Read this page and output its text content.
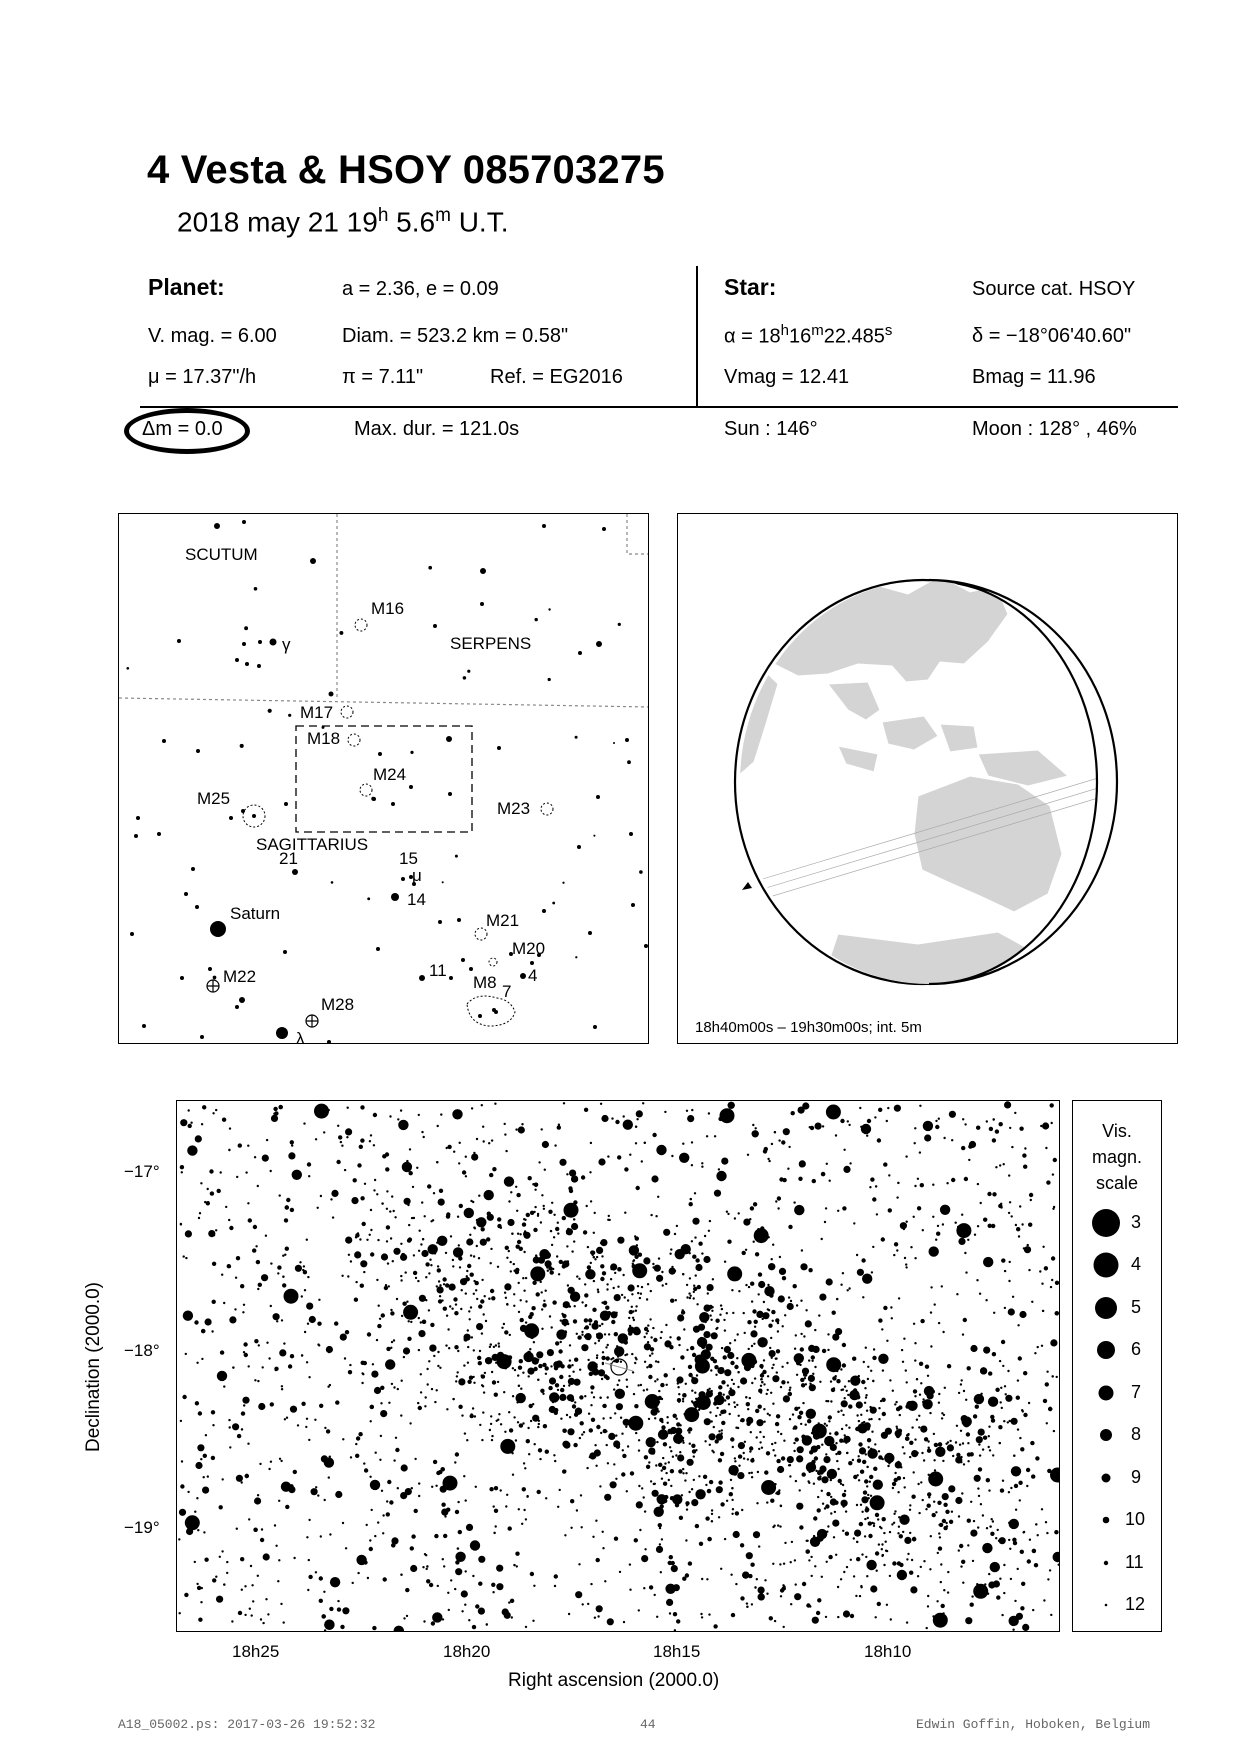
4 Vesta & HSOY 085703275
2018 may 21 19$^h$ 5.6$^m$ U.T.
Planet:	a = 2.36, e = 0.09
V. mag. = 6.00	Diam. = 523.2 km = 0.58"
μ = 17.37"/h	π = 7.11"	Ref. = EG2016
Star:	Source cat. HSOY
$\alpha = 18^h16^m22.485^s$	δ = −18°06'40.60"
Vmag = 12.41	Bmag = 11.96
Δm = 0.0	Max. dur. = 121.0s	Sun : 146°	Moon : 128° , 46%
SCUTUM
SERPENS
SAGITTARIUS
M16
M17
M18
M24
M25
M23
M21
M20
M22
M28
M8
Saturn
γ
μ
λ
21	15
14
11
7
4
18h40m00s – 19h30m00s; int. 5m
−17°
−18°
−19°
18h25	18h20	18h15	18h10
Right ascension (2000.0)
Declination (2000.0)
Vis.
magn.
scale
3
4
5
6
7
8
9
10
11
12
A18_05002.ps: 2017-03-26 19:52:32	44	Edwin Goffin, Hoboken, Belgium
